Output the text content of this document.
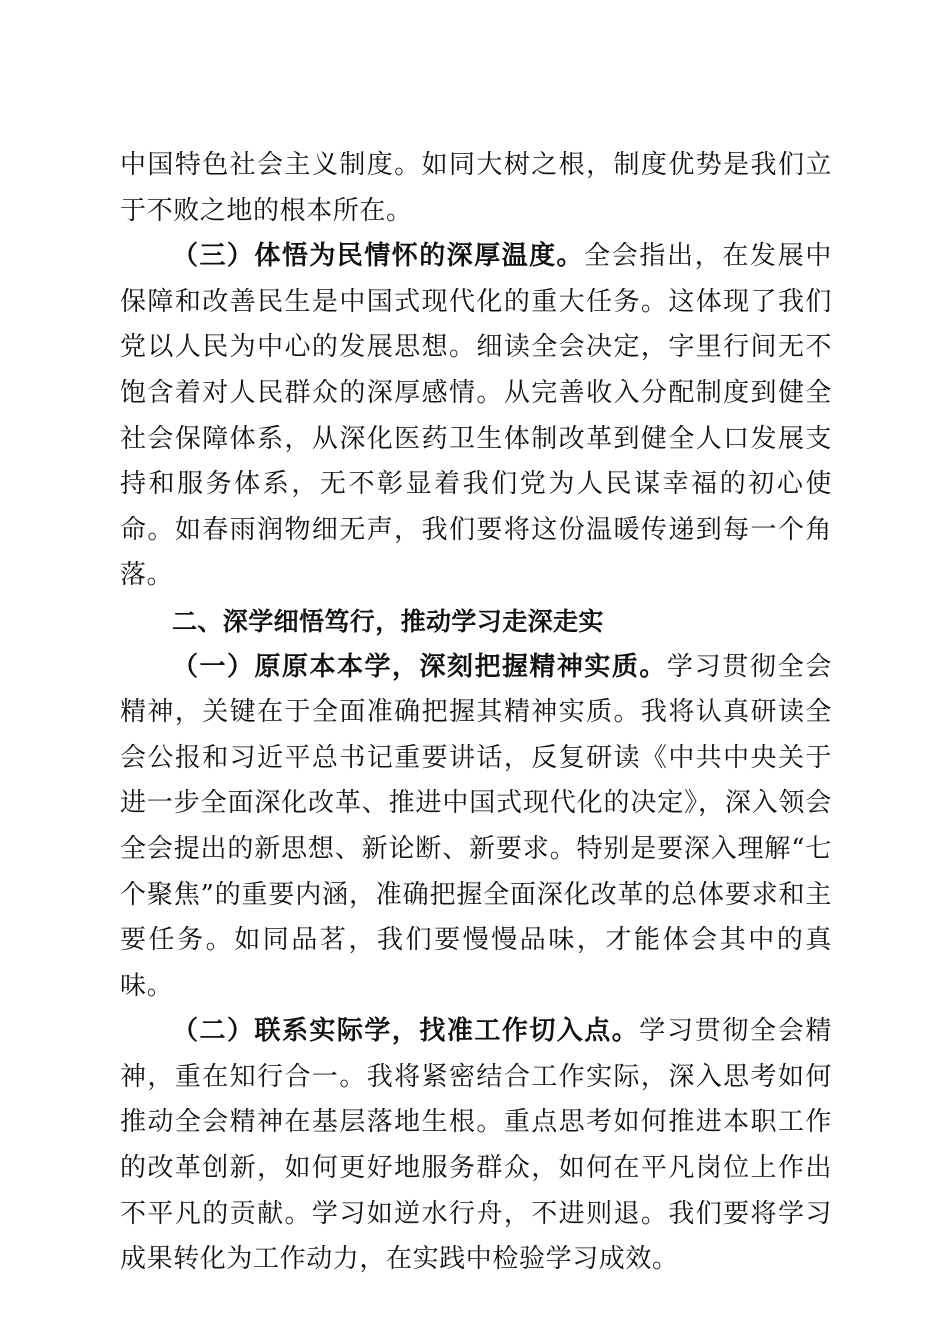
中国特色社会主义制度。如同大树之根，制度优势是我们立于不败之地的根本所在。

（三）体悟为民情怀的深厚温度。全会指出，在发展中保障和改善民生是中国式现代化的重大任务。这体现了我们党以人民为中心的发展思想。细读全会决定，字里行间无不饱含着对人民群众的深厚感情。从完善收入分配制度到健全社会保障体系，从深化医药卫生体制改革到健全人口发展支持和服务体系，无不彰显着我们党为人民谋幸福的初心使命。如春雨润物细无声，我们要将这份温暖传递到每一个角落。

二、深学细悟笃行，推动学习走深走实

（一）原原本本学，深刻把握精神实质。学习贯彻全会精神，关键在于全面准确把握其精神实质。我将认真研读全会公报和习近平总书记重要讲话，反复研读《中共中央关于进一步全面深化改革、推进中国式现代化的决定》，深入领会全会提出的新思想、新论断、新要求。特别是要深入理解“七个聚焦”的重要内涵，准确把握全面深化改革的总体要求和主要任务。如同品茗，我们要慢慢品味，才能体会其中的真味。

（二）联系实际学，找准工作切入点。学习贯彻全会精神，重在知行合一。我将紧密结合工作实际，深入思考如何推动全会精神在基层落地生根。重点思考如何推进本职工作的改革创新，如何更好地服务群众，如何在平凡岗位上作出不平凡的贡献。学习如逆水行舟，不进则退。我们要将学习成果转化为工作动力，在实践中检验学习成效。
